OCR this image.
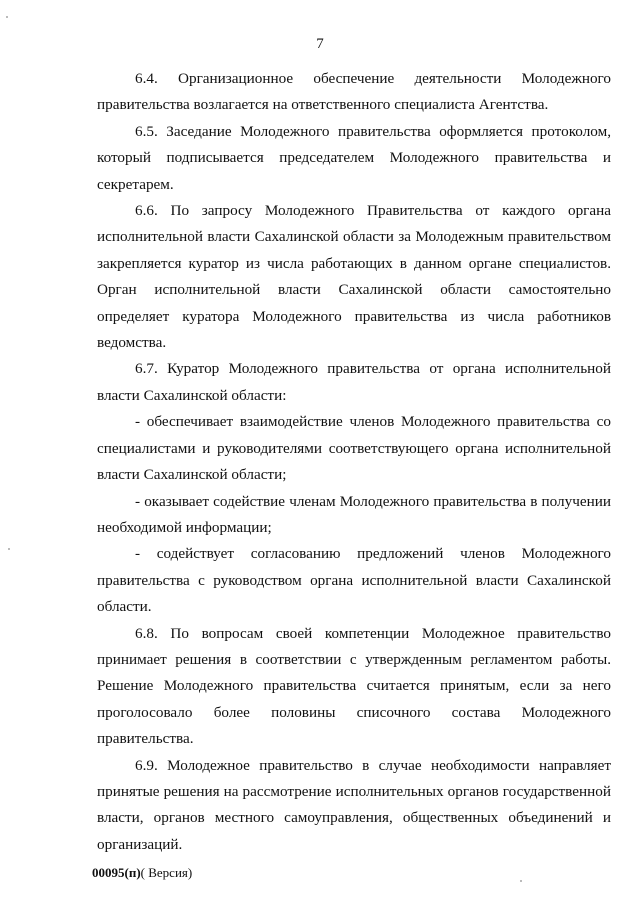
7

6.4. Организационное обеспечение деятельности Молодежного правительства возлагается на ответственного специалиста Агентства.

6.5. Заседание Молодежного правительства оформляется протоколом, который подписывается председателем Молодежного правительства и секретарем.

6.6. По запросу Молодежного Правительства от каждого органа исполнительной власти Сахалинской области за Молодежным правительством закрепляется куратор из числа работающих в данном органе специалистов. Орган исполнительной власти Сахалинской области самостоятельно определяет куратора Молодежного правительства из числа работников ведомства.

6.7. Куратор Молодежного правительства от органа исполнительной власти Сахалинской области:

- обеспечивает взаимодействие членов Молодежного правительства со специалистами и руководителями соответствующего органа исполнительной власти Сахалинской области;

- оказывает содействие членам Молодежного правительства в получении необходимой информации;

- содействует согласованию предложений членов Молодежного правительства с руководством органа исполнительной власти Сахалинской области.

6.8. По вопросам своей компетенции Молодежное правительство принимает решения в соответствии с утвержденным регламентом работы. Решение Молодежного правительства считается принятым, если за него проголосовало более половины списочного состава Молодежного правительства.

6.9. Молодежное правительство в случае необходимости направляет принятые решения на рассмотрение исполнительных органов государственной власти, органов местного самоуправления, общественных объединений и организаций.

00095(п)( Версия)
